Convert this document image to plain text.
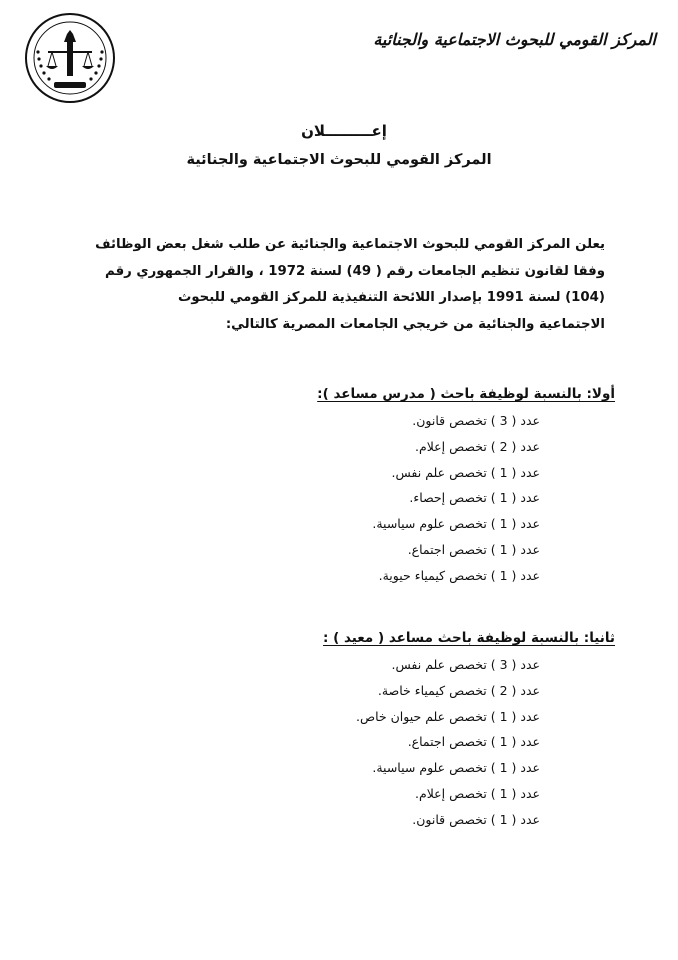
المركز القومي للبحوث الاجتماعية والجنائية
إعـــــــــلان
المركز القومي للبحوث الاجتماعية والجنائية
يعلن المركز القومي للبحوث الاجتماعية والجنائية عن طلب شغل بعض الوظائف
وفقا لقانون تنظيم الجامعات رقم ( 49) لسنة 1972 ، والقرار الجمهوري رقم
(104) لسنة 1991 بإصدار اللائحة التنفيذية للمركز القومي للبحوث
الاجتماعية والجنائية من خريجي الجامعات المصرية كالتالي:
أولا: بالنسبة لوظيفة باحث ( مدرس مساعد ):
عدد ( 3 ) تخصص قانون.
عدد ( 2 ) تخصص إعلام.
عدد ( 1 ) تخصص علم نفس.
عدد ( 1 ) تخصص إحصاء.
عدد ( 1 ) تخصص علوم سياسية.
عدد ( 1 ) تخصص اجتماع.
عدد ( 1 ) تخصص كيمياء حيوية.
ثانيا: بالنسبة لوظيفة باحث مساعد ( معيد ) :
عدد ( 3 ) تخصص علم نفس.
عدد ( 2 ) تخصص كيمياء خاصة.
عدد ( 1 ) تخصص علم حيوان خاص.
عدد ( 1 ) تخصص اجتماع.
عدد ( 1 ) تخصص علوم سياسية.
عدد ( 1 ) تخصص إعلام.
عدد ( 1 ) تخصص قانون.
